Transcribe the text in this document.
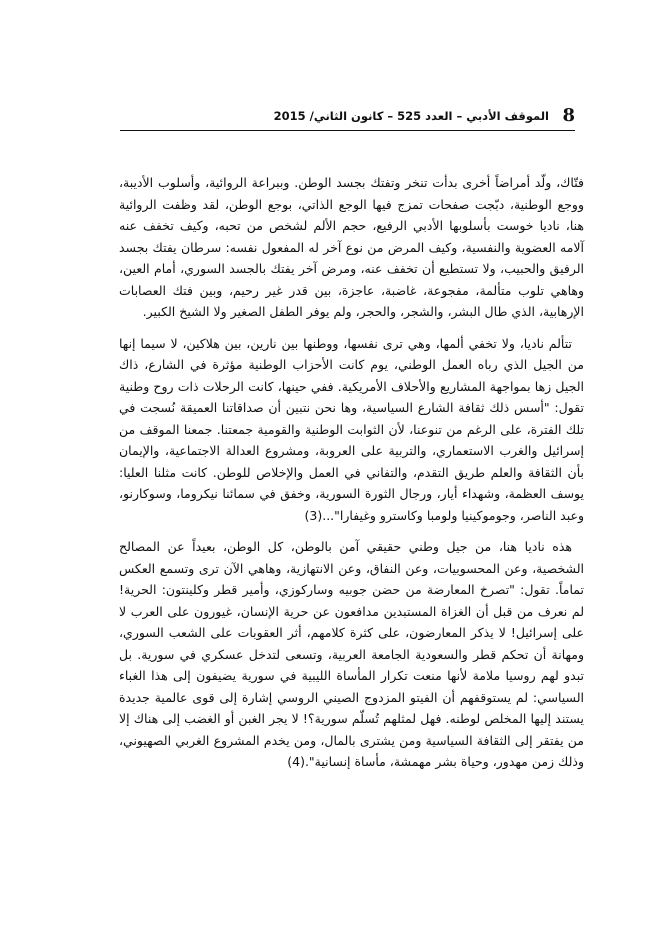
8
الموقف الأدبي – العدد 525 – كانون الثاني/ 2015

فتّاك، ولّد أمراضاً أخرى بدأت تنخر وتفتك بجسد الوطن. وببراعة الروائية، وأسلوب الأديبة، ووجع الوطنية، دبّجت صفحات تمزج فيها الوجع الذاتي، بوجع الوطن، لقد وظفت الروائية هنا، ناديا خوست بأسلوبها الأدبي الرفيع، حجم الألم لشخص من تحبه، وكيف تخفف عنه آلامه العضوية والنفسية، وكيف المرض من نوع آخر له المفعول نفسه: سرطان يفتك بجسد الرفيق والحبيب، ولا تستطيع أن تخفف عنه، ومرض آخر يفتك بالجسد السوري، أمام العين، وهاهي تلوب متألمة، مفجوعة، غاضبة، عاجزة، بين قدر غير رحيم، وبين فتك العصابات الإرهابية، الذي طال البشر، والشجر، والحجر، ولم يوفر الطفل الصغير ولا الشيخ الكبير.

تتألم ناديا، ولا تخفي ألمها، وهي ترى نفسها، ووطنها بين نارين، بين هلاكين، لا سيما إنها من الجيل الذي رباه العمل الوطني، يوم كانت الأحزاب الوطنية مؤثرة في الشارع، ذاك الجيل زها بمواجهة المشاريع والأحلاف الأمريكية. ففي حينها، كانت الرحلات ذات روح وطنية تقول: "أسس ذلك ثقافة الشارع السياسية، وها نحن نتبين أن صداقاتنا العميقة نُسجت في تلك الفترة، على الرغم من تنوعنا، لأن الثوابت الوطنية والقومية جمعتنا. جمعنا الموقف من إسرائيل والغرب الاستعماري، والتربية على العروبة، ومشروع العدالة الاجتماعية، والإيمان بأن الثقافة والعلم طريق التقدم، والتفاني في العمل والإخلاص للوطن. كانت مثلنا العليا: يوسف العظمة، وشهداء أيار، ورجال الثورة السورية، وخفق في سمائنا نيكروما، وسوكارنو، وعبد الناصر، وجوموكينيا ولومبا وكاسترو وغيفارا"...(3)

هذه ناديا هنا، من جيل وطني حقيقي آمن بالوطن، كل الوطن، بعيداً عن المصالح الشخصية، وعن المحسوبيات، وعن النفاق، وعن الانتهازية، وهاهي الآن ترى وتسمع العكس تماماً. تقول: "تصرخ المعارضة من حضن جوبيه وساركوزي، وأمير قطر وكلينتون: الحرية! لم نعرف من قبل أن الغزاة المستبدين مدافعون عن حرية الإنسان، غيورون على العرب لا على إسرائيل! لا يذكر المعارضون، على كثرة كلامهم، أثر العقوبات على الشعب السوري، ومهانة أن تحكم قطر والسعودية الجامعة العربية، وتسعى لتدخل عسكري في سورية. بل تبدو لهم روسيا ملامة لأنها منعت تكرار المأساة الليبية في سورية يضيفون إلى هذا الغباء السياسي: لم يستوقفهم أن الفيتو المزدوج الصيني الروسي إشارة إلى قوى عالمية جديدة يستند إليها المخلص لوطنه. فهل لمثلهم تُسلّم سورية؟! لا يجر الغبن أو الغضب إلى هناك إلا من يفتقر إلى الثقافة السياسية ومن يشترى بالمال، ومن يخدم المشروع الغربي الصهيوني، وذلك زمن مهدور، وحياة بشر مهمشة، مأساة إنسانية".(4)
